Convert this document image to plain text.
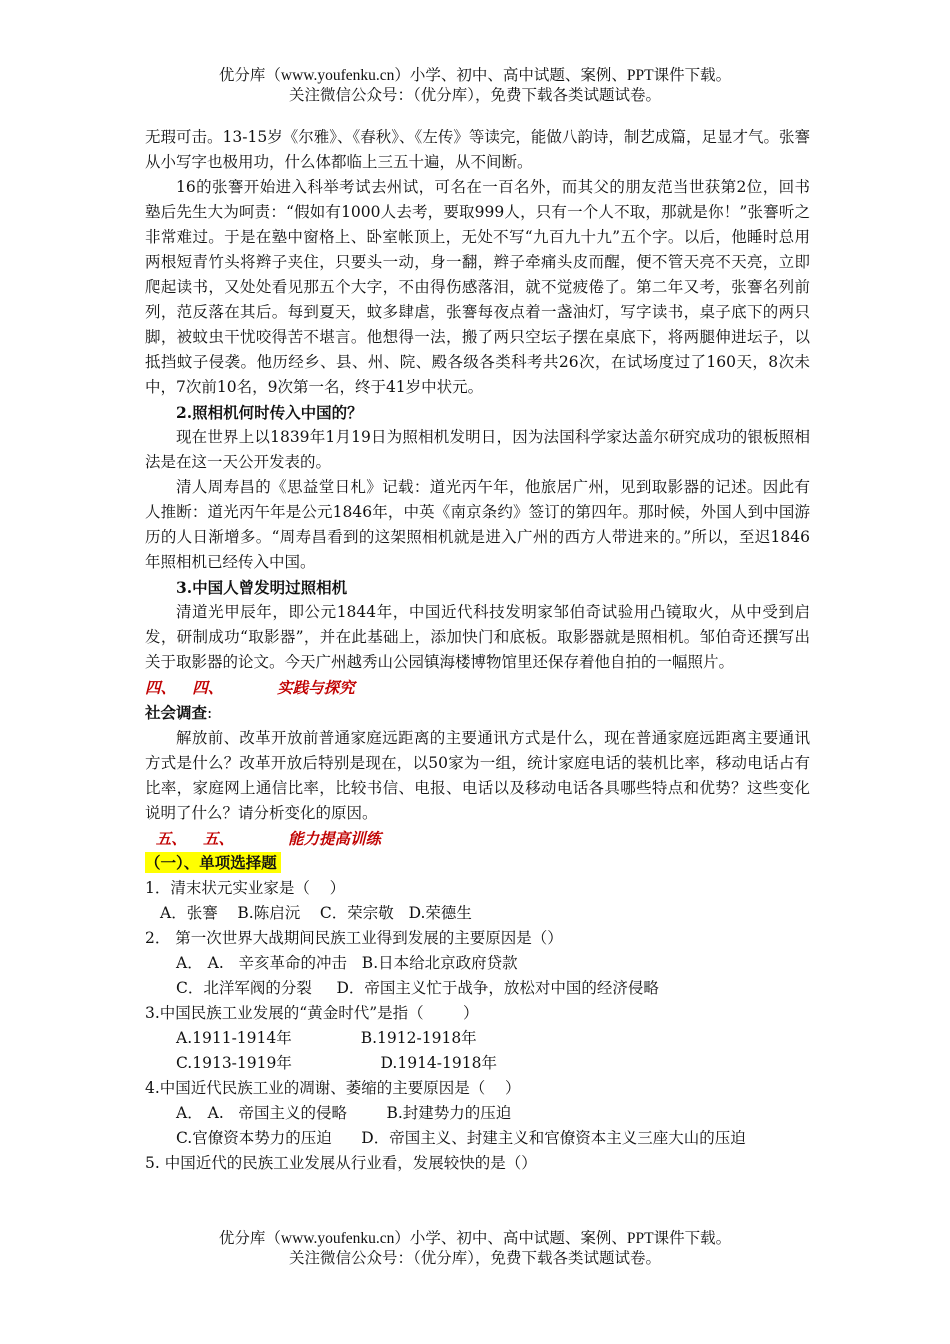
优分库（www.youfenku.cn）小学、初中、高中试题、案例、PPT课件下载。
关注微信公众号：（优分库），免费下载各类试题试卷。

无瑕可击。13-15岁《尔雅》、《春秋》、《左传》等读完，能做八韵诗，制艺成篇，足显才气。张謇从小写字也极用功，什么体都临上三五十遍，从不间断。

16的张謇开始进入科举考试去州试，可名在一百名外，而其父的朋友范当世获第2位，回书塾后先生大为呵责：“假如有1000人去考，要取999人，只有一个人不取，那就是你！”张謇听之非常难过。于是在塾中窗格上、卧室帐顶上，无处不写“九百九十九”五个字。以后，他睡时总用两根短青竹头将辫子夹住，只要头一动，身一翻，辫子牵痛头皮而醒，便不管天亮不天亮，立即爬起读书，又处处看见那五个大字，不由得伤感落泪，就不觉疲倦了。第二年又考，张謇名列前列，范反落在其后。每到夏天，蚊多肆虐，张謇每夜点着一盏油灯，写字读书，桌子底下的两只脚，被蚊虫干忧咬得苦不堪言。他想得一法，搬了两只空坛子摆在桌底下，将两腿伸进坛子，以抵挡蚊子侵袭。他历经乡、县、州、院、殿各级各类科考共26次，在试场度过了160天，8次未中，7次前10名，9次第一名，终于41岁中状元。

2.照相机何时传入中国的？

现在世界上以1839年1月19日为照相机发明日，因为法国科学家达盖尔研究成功的银板照相法是在这一天公开发表的。

清人周寿昌的《思益堂日札》记载：道光丙午年，他旅居广州，见到取影器的记述。因此有人推断：道光丙午年是公元1846年，中英《南京条约》签订的第四年。那时候，外国人到中国游历的人日渐增多。“周寿昌看到的这架照相机就是进入广州的西方人带进来的。”所以，至迟1846年照相机已经传入中国。

3.中国人曾发明过照相机

清道光甲辰年，即公元1844年，中国近代科技发明家邹伯奇试验用凸镜取火，从中受到启发，研制成功“取影器”，并在此基础上，添加快门和底板。取影器就是照相机。邹伯奇还撰写出关于取影器的论文。今天广州越秀山公园镇海楼博物馆里还保存着他自拍的一幅照片。

四、   四、          实践与探究

社会调查:

解放前、改革开放前普通家庭远距离的主要通讯方式是什么，现在普通家庭远距离主要通讯方式是什么？改革开放后特别是现在，以50家为一组，统计家庭电话的装机比率，移动电话占有比率，家庭网上通信比率，比较书信、电报、电话以及移动电话各具哪些特点和优势？这些变化说明了什么？请分析变化的原因。

五、   五、          能力提高训练

（一）、单项选择题

1．清末状元实业家是（    ）

A．张謇    B.陈启沅    C．荣宗敬   D.荣德生

2． 第一次世界大战期间民族工业得到发展的主要原因是（）

A． A.   辛亥革命的冲击   B.日本给北京政府贷款

C．北洋军阀的分裂     D．帝国主义忙于战争，放松对中国的经济侵略

3.中国民族工业发展的“黄金时代”是指（        ）

A.1911-1914年              B.1912-1918年

C.1913-1919年                  D.1914-1918年

4.中国近代民族工业的凋谢、萎缩的主要原因是（    ）

A． A.   帝国主义的侵略        B.封建势力的压迫

C.官僚资本势力的压迫      D．帝国主义、封建主义和官僚资本主义三座大山的压迫

5. 中国近代的民族工业发展从行业看，发展较快的是（）

优分库（www.youfenku.cn）小学、初中、高中试题、案例、PPT课件下载。
关注微信公众号：（优分库），免费下载各类试题试卷。
